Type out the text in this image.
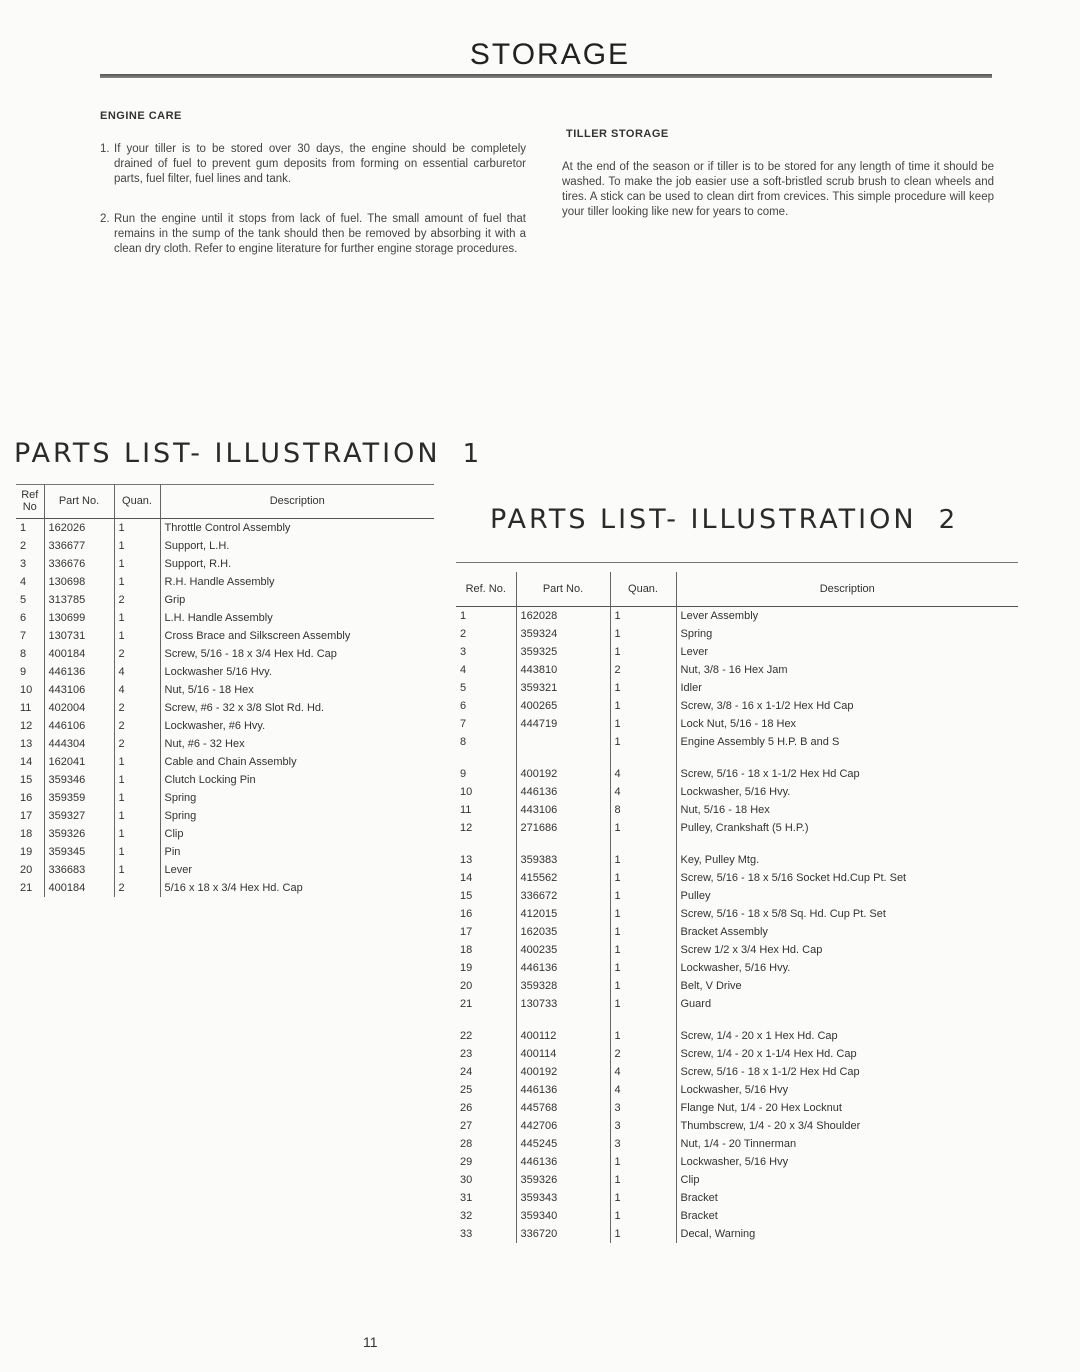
STORAGE
ENGINE CARE
1. If your tiller is to be stored over 30 days, the engine should be completely drained of fuel to prevent gum deposits from forming on essential carburetor parts, fuel filter, fuel lines and tank.
2. Run the engine until it stops from lack of fuel. The small amount of fuel that remains in the sump of the tank should then be removed by absorbing it with a clean dry cloth. Refer to engine literature for further engine storage procedures.
TILLER STORAGE
At the end of the season or if tiller is to be stored for any length of time it should be washed. To make the job easier use a soft-bristled scrub brush to clean wheels and tires. A stick can be used to clean dirt from crevices. This simple procedure will keep your tiller looking like new for years to come.
PARTS LIST- ILLUSTRATION 1
Ref No	Part No.	Quan.	Description
1	162026	1	Throttle Control Assembly
2	336677	1	Support, L.H.
3	336676	1	Support, R.H.
4	130698	1	R.H. Handle Assembly
5	313785	2	Grip
6	130699	1	L.H. Handle Assembly
7	130731	1	Cross Brace and Silkscreen Assembly
8	400184	2	Screw, 5/16 - 18 x 3/4 Hex Hd. Cap
9	446136	4	Lockwasher 5/16 Hvy.
10	443106	4	Nut, 5/16 - 18 Hex
11	402004	2	Screw, #6 - 32 x 3/8 Slot Rd. Hd.
12	446106	2	Lockwasher, #6 Hvy.
13	444304	2	Nut, #6 - 32 Hex
14	162041	1	Cable and Chain Assembly
15	359346	1	Clutch Locking Pin
16	359359	1	Spring
17	359327	1	Spring
18	359326	1	Clip
19	359345	1	Pin
20	336683	1	Lever
21	400184	2	5/16 x 18 x 3/4 Hex Hd. Cap
PARTS LIST- ILLUSTRATION 2
Ref. No.	Part No.	Quan.	Description
1	162028	1	Lever Assembly
2	359324	1	Spring
3	359325	1	Lever
4	443810	2	Nut, 3/8 - 16 Hex Jam
5	359321	1	Idler
6	400265	1	Screw, 3/8 - 16 x 1-1/2 Hex Hd Cap
7	444719	1	Lock Nut, 5/16 - 18 Hex
8		1	Engine Assembly 5 H.P. B and S

9	400192	4	Screw, 5/16 - 18 x 1-1/2 Hex Hd Cap
10	446136	4	Lockwasher, 5/16 Hvy.
11	443106	8	Nut, 5/16 - 18 Hex
12	271686	1	Pulley, Crankshaft (5 H.P.)

13	359383	1	Key, Pulley Mtg.
14	415562	1	Screw, 5/16 - 18 x 5/16 Socket Hd.Cup Pt. Set
15	336672	1	Pulley
16	412015	1	Screw, 5/16 - 18 x 5/8 Sq. Hd. Cup Pt. Set
17	162035	1	Bracket Assembly
18	400235	1	Screw 1/2 x 3/4 Hex Hd. Cap
19	446136	1	Lockwasher, 5/16 Hvy.
20	359328	1	Belt, V Drive
21	130733	1	Guard

22	400112	1	Screw, 1/4 - 20 x 1 Hex Hd. Cap
23	400114	2	Screw, 1/4 - 20 x 1-1/4 Hex Hd. Cap
24	400192	4	Screw, 5/16 - 18 x 1-1/2 Hex Hd Cap
25	446136	4	Lockwasher, 5/16 Hvy
26	445768	3	Flange Nut, 1/4 - 20 Hex Locknut
27	442706	3	Thumbscrew, 1/4 - 20 x 3/4 Shoulder
28	445245	3	Nut, 1/4 - 20 Tinnerman
29	446136	1	Lockwasher, 5/16 Hvy
30	359326	1	Clip
31	359343	1	Bracket
32	359340	1	Bracket
33	336720	1	Decal, Warning
11
